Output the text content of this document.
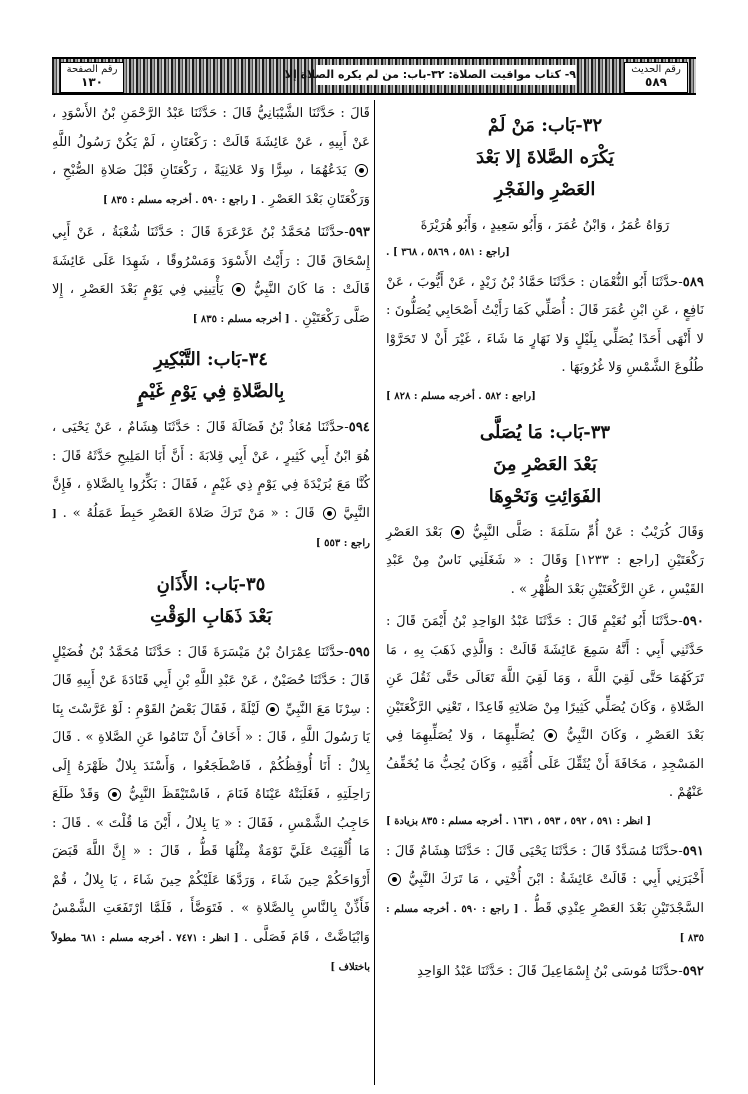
رقم الحديث
٥٨٩
٩- كتاب مواقيت الصلاة: ٣٢-باب: من لم يكره الصلاة إلا
رقم الصفحة
١٣٠
٣٢-بَاب: مَنْ لَمْ
يَكْرَه الصَّلاةَ إلا بَعْدَ
العَصْرِ والفَجْرِ

رَوَاهُ عُمَرُ ، وَابْنُ عُمَرَ ، وَأَبُو سَعِيدٍ ، وَأَبُو هُرَيْرَةَ

[راجع : ٥٨١ ، ٥٨٦٩ ، ٣٦٨ ] .

٥٨٩-حدَّثَنَا أَبُو النُّعْمَان : حَدَّثَنَا حَمَّادُ بْنُ زَيْدٍ ، عَنْ أَيُّوبَ ، عَنْ نَافِعٍ ، عَنِ ابْنِ عُمَرَ قَالَ : أُصَلِّي كَمَا رَأَيْتُ أَصْحَابِي يُصَلُّونَ : لا أَنْهَى أَحَدًا يُصَلِّي بِلَيْلٍ وَلا نَهَارٍ مَا شَاءَ ، غَيْرَ أَنْ لا تَحَرَّوْا طُلُوعَ الشَّمْسِ وَلا غُرُوبَهَا .

[راجع : ٥٨٢ . أخرجه مسلم : ٨٢٨ ]
٣٣-بَاب: مَا يُصَلَّى
بَعْدَ العَصْرِ مِنَ
الفَوَائِتِ وَنَحْوِهَا

وَقَالَ كُرَيْبٌ : عَنْ أُمِّ سَلَمَةَ : صَلَّى النَّبِيُّ  بَعْدَ العَصْرِ رَكْعَتَيْنِ [راجع : ١٢٣٣] وَقَالَ : « شَغَلَنِي نَاسٌ مِنْ عَبْدِ القَيْسِ ، عَنِ الرَّكْعَتَيْنِ بَعْدَ الظُّهْرِ » .

٥٩٠-حدَّثَنَا أَبُو نُعَيْمٍ قَالَ : حَدَّثَنَا عَبْدُ الوَاحِدِ بْنُ أَيْمَنَ قَالَ : حَدَّثَنِي أَبِي : أَنَّهُ سَمِعَ عَائِشَةَ قَالَتْ : وَالَّذِي ذَهَبَ بِهِ ، مَا تَرَكَهُمَا حَتَّى لَقِيَ اللَّهَ ، وَمَا لَقِيَ اللَّهَ تَعَالَى حَتَّى ثَقُلَ عَنِ الصَّلاةِ ، وَكَانَ يُصَلِّي كَثِيرًا مِنْ صَلاتِهِ قَاعِدًا ، تَعْنِي الرَّكْعَتَيْنِ بَعْدَ العَصْرِ ، وَكَانَ النَّبِيُّ  يُصَلِّيهِمَا ، وَلا يُصَلِّيهِمَا فِي المَسْجِدِ ، مَخَافَةَ أَنْ يُثَقِّلَ عَلَى أُمَّتِهِ ، وَكَانَ يُحِبُّ مَا يُخَفِّفُ عَنْهُمْ .

[ انظر : ٥٩١ ، ٥٩٢ ، ٥٩٣ ، ١٦٣١ . أخرجه مسلم : ٨٣٥ بزيادة ]

٥٩١-حدَّثَنَا مُسَدَّدٌ قَالَ : حَدَّثَنَا يَحْيَى قَالَ : حَدَّثَنَا هِشَامٌ قَالَ : أَخْبَرَنِي أَبِي : قَالَتْ عَائِشَةُ : ابْنَ أُخْتِي ، مَا تَرَكَ النَّبِيُّ  السَّجْدَتَيْنِ بَعْدَ العَصْرِ عِنْدِي قَطُّ . [ راجع : ٥٩٠ . أخرجه مسلم : ٨٣٥ ]

٥٩٢-حدَّثَنَا مُوسَى بْنُ إِسْمَاعِيلَ قَالَ : حَدَّثَنَا عَبْدُ الوَاحِدِ

قَالَ : حَدَّثَنَا الشَّيْبَانِيُّ قَالَ : حَدَّثَنَا عَبْدُ الرَّحْمَنِ بْنُ الأَسْوَدِ ، عَنْ أَبِيهِ ، عَنْ عَائِشَةَ قَالَتْ : رَكْعَتَانِ ، لَمْ يَكُنْ رَسُولُ اللَّهِ  يَدَعُهُمَا ، سِرًّا وَلا عَلانِيَةً ، رَكْعَتَانِ قَبْلَ صَلاةِ الصُّبْحِ ، وَرَكْعَتَانِ بَعْدَ العَصْرِ . [ راجع : ٥٩٠ . أخرجه مسلم : ٨٣٥ ]

٥٩٣-حدَّثَنَا مُحَمَّدُ بْنُ عَرْعَرَةَ قَالَ : حَدَّثَنَا شُعْبَةُ ، عَنْ أَبِي إِسْحَاقَ قَالَ : رَأَيْتُ الأَسْوَدَ وَمَسْرُوقًا ، شَهِدَا عَلَى عَائِشَةَ قَالَتْ : مَا كَانَ النَّبِيُّ  يَأْتِينِي فِي يَوْمٍ بَعْدَ العَصْرِ ، إِلا صَلَّى رَكْعَتَيْنِ . [ أخرجه مسلم : ٨٣٥ ]

٣٤-بَاب: التَّبْكِيرِ
بِالصَّلاةِ فِي يَوْمِ غَيْمٍ

٥٩٤-حدَّثَنَا مُعَاذُ بْنُ فَضَالَةَ قَالَ : حَدَّثَنَا هِشَامٌ ، عَنْ يَحْيَى ، هُوَ ابْنُ أَبِي كَثِيرٍ ، عَنْ أَبِي قِلابَةَ : أَنَّ أَبَا المَلِيحِ حَدَّثَهُ قَالَ : كُنَّا مَعَ بُرَيْدَةَ فِي يَوْمٍ ذِي غَيْمٍ ، فَقَالَ : بَكِّرُوا بِالصَّلاةِ ، فَإِنَّ النَّبِيَّ  قَالَ : « مَنْ تَرَكَ صَلاةَ العَصْرِ حَبِطَ عَمَلُهُ » . [ راجع : ٥٥٣ ]

٣٥-بَاب: الأَذَانِ
بَعْدَ ذَهَابِ الوَقْتِ

٥٩٥-حدَّثَنَا عِمْرَانُ بْنُ مَيْسَرَةَ قَالَ : حَدَّثَنَا مُحَمَّدُ بْنُ فُضَيْلٍ قَالَ : حَدَّثَنَا حُصَيْنٌ ، عَنْ عَبْدِ اللَّهِ بْنِ أَبِي قَتَادَةَ عَنْ أَبِيهِ قَالَ : سِرْنَا مَعَ النَّبِيِّ  لَيْلَةً ، فَقَالَ بَعْضُ القَوْمِ : لَوْ عَرَّسْتَ بِنَا يَا رَسُولَ اللَّهِ ، قَالَ : « أَخَافُ أَنْ تَنَامُوا عَنِ الصَّلاةِ » . قَالَ بِلالٌ : أَنَا أُوقِظُكُمْ ، فَاضْطَجَعُوا ، وَأَسْنَدَ بِلالٌ ظَهْرَهُ إِلَى رَاحِلَتِهِ ، فَغَلَبَتْهُ عَيْنَاهُ فَنَامَ ، فَاسْتَيْقَظَ النَّبِيُّ  وَقَدْ طَلَعَ حَاجِبُ الشَّمْسِ ، فَقَالَ : « يَا بِلالُ ، أَيْنَ مَا قُلْتَ » . قَالَ : مَا أُلْقِيَتْ عَلَيَّ نَوْمَةٌ مِثْلُهَا قَطُّ ، قَالَ : « إِنَّ اللَّهَ قَبَضَ أَرْوَاحَكُمْ حِينَ شَاءَ ، وَرَدَّهَا عَلَيْكُمْ حِينَ شَاءَ ، يَا بِلالُ ، قُمْ فَأَذِّنْ بِالنَّاسِ بِالصَّلاةِ » . فَتَوَضَّأَ ، فَلَمَّا ارْتَفَعَتِ الشَّمْسُ وَابْيَاضَّتْ ، قَامَ فَصَلَّى . [ انظر : ٧٤٧١ . أخرجه مسلم : ٦٨١ مطولاً باختلاف ]
